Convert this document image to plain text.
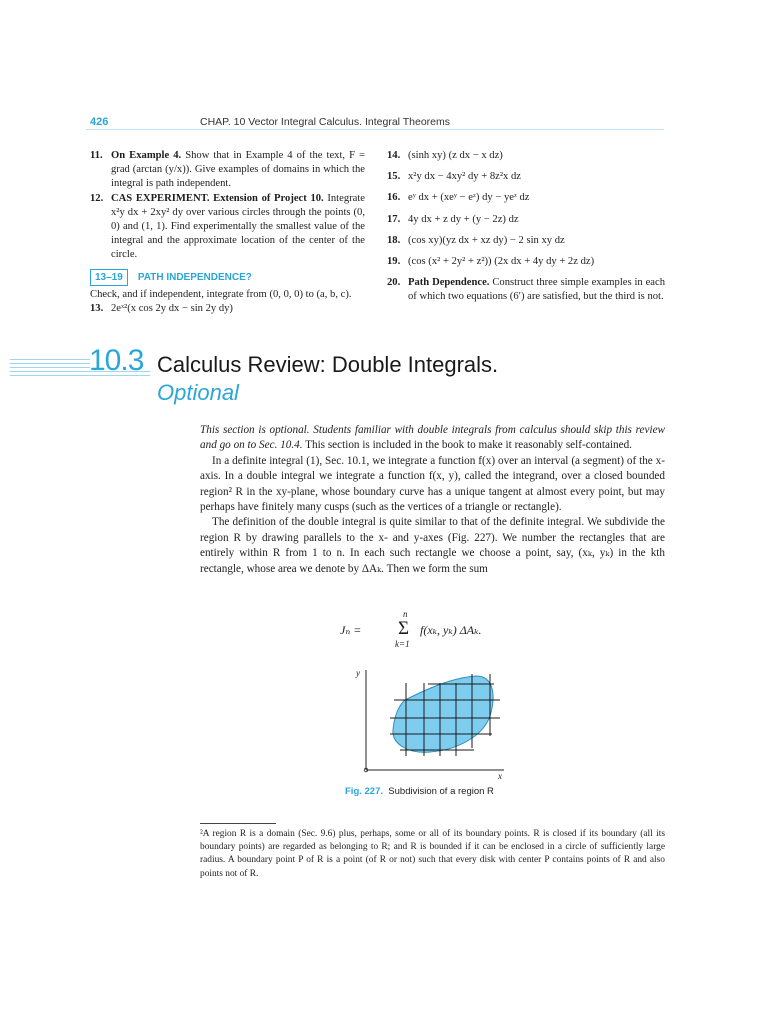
426	CHAP. 10 Vector Integral Calculus. Integral Theorems
11. On Example 4. Show that in Example 4 of the text, F = grad (arctan (y/x)). Give examples of domains in which the integral is path independent.
12. CAS EXPERIMENT. Extension of Project 10. Integrate x²y dx + 2xy² dy over various circles through the points (0, 0) and (1, 1). Find experimentally the smallest value of the integral and the approximate location of the center of the circle.
13–19 PATH INDEPENDENCE?
Check, and if independent, integrate from (0, 0, 0) to (a, b, c).
13. 2eˣ²(x cos 2y dx − sin 2y dy)
14. (sinh xy) (z dx − x dz)
15. x²y dx − 4xy² dy + 8z²x dz
16. eʸ dx + (xeʸ − eᶻ) dy − yeᶻ dz
17. 4y dx + z dy + (y − 2z) dz
18. (cos xy)(yz dx + xz dy) − 2 sin xy dz
19. (cos (x² + 2y² + z²)) (2x dx + 4y dy + 2z dz)
20. Path Dependence. Construct three simple examples in each of which two equations (6′) are satisfied, but the third is not.
10.3 Calculus Review: Double Integrals.
Optional

This section is optional. Students familiar with double integrals from calculus should skip this review and go on to Sec. 10.4. This section is included in the book to make it reasonably self-contained.

In a definite integral (1), Sec. 10.1, we integrate a function f(x) over an interval (a segment) of the x-axis. In a double integral we integrate a function f(x, y), called the integrand, over a closed bounded region² R in the xy-plane, whose boundary curve has a unique tangent at almost every point, but may perhaps have finitely many cusps (such as the vertices of a triangle or rectangle).

The definition of the double integral is quite similar to that of the definite integral. We subdivide the region R by drawing parallels to the x- and y-axes (Fig. 227). We number the rectangles that are entirely within R from 1 to n. In each such rectangle we choose a point, say, (xₖ, yₖ) in the kth rectangle, whose area we denote by ΔAₖ. Then we form the sum

Jₙ =
n
Σ
k=1
f(xₖ, yₖ) ΔAₖ.
y
x
Fig. 227. Subdivision of a region R
²A region R is a domain (Sec. 9.6) plus, perhaps, some or all of its boundary points. R is closed if its boundary (all its boundary points) are regarded as belonging to R; and R is bounded if it can be enclosed in a circle of sufficiently large radius. A boundary point P of R is a point (of R or not) such that every disk with center P contains points of R and also points not of R.
